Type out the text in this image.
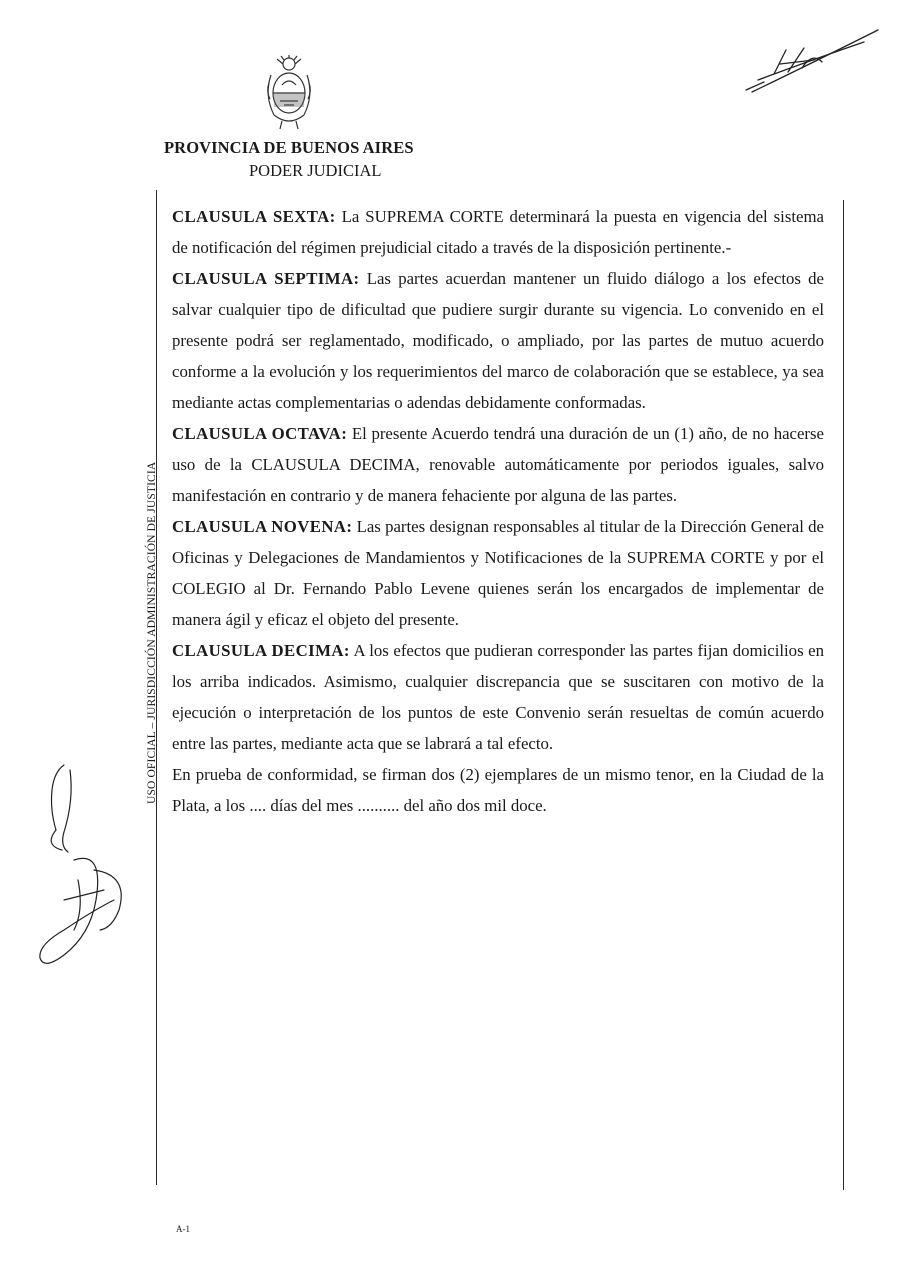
PROVINCIA DE BUENOS AIRES
PODER JUDICIAL
USO OFICIAL – JURISDICCIÓN ADMINISTRACIÓN DE JUSTICIA

CLAUSULA SEXTA: La SUPREMA CORTE determinará la puesta en vigencia del sistema de notificación del régimen prejudicial citado a través de la disposición pertinente.-

CLAUSULA SEPTIMA: Las partes acuerdan mantener un fluido diálogo a los efectos de salvar cualquier tipo de dificultad que pudiere surgir durante su vigencia. Lo convenido en el presente podrá ser reglamentado, modificado, o ampliado, por las partes de mutuo acuerdo conforme a la evolución y los requerimientos del marco de colaboración que se establece, ya sea mediante actas complementarias o adendas debidamente conformadas.

CLAUSULA OCTAVA: El presente Acuerdo tendrá una duración de un (1) año, de no hacerse uso de la CLAUSULA DECIMA, renovable automáticamente por periodos iguales, salvo manifestación en contrario y de manera fehaciente por alguna de las partes.

CLAUSULA NOVENA: Las partes designan responsables al titular de la Dirección General de Oficinas y Delegaciones de Mandamientos y Notificaciones de la SUPREMA CORTE y por el COLEGIO al Dr. Fernando Pablo Levene quienes serán los encargados de implementar de manera ágil y eficaz el objeto del presente.

CLAUSULA DECIMA: A los efectos que pudieran corresponder las partes fijan domicilios en los arriba indicados. Asimismo, cualquier discrepancia que se suscitaren con motivo de la ejecución o interpretación de los puntos de este Convenio serán resueltas de común acuerdo entre las partes, mediante acta que se labrará a tal efecto.

En prueba de conformidad, se firman dos (2) ejemplares de un mismo tenor, en la Ciudad de la Plata, a los .... días del mes .......... del año dos mil doce.

A-1
